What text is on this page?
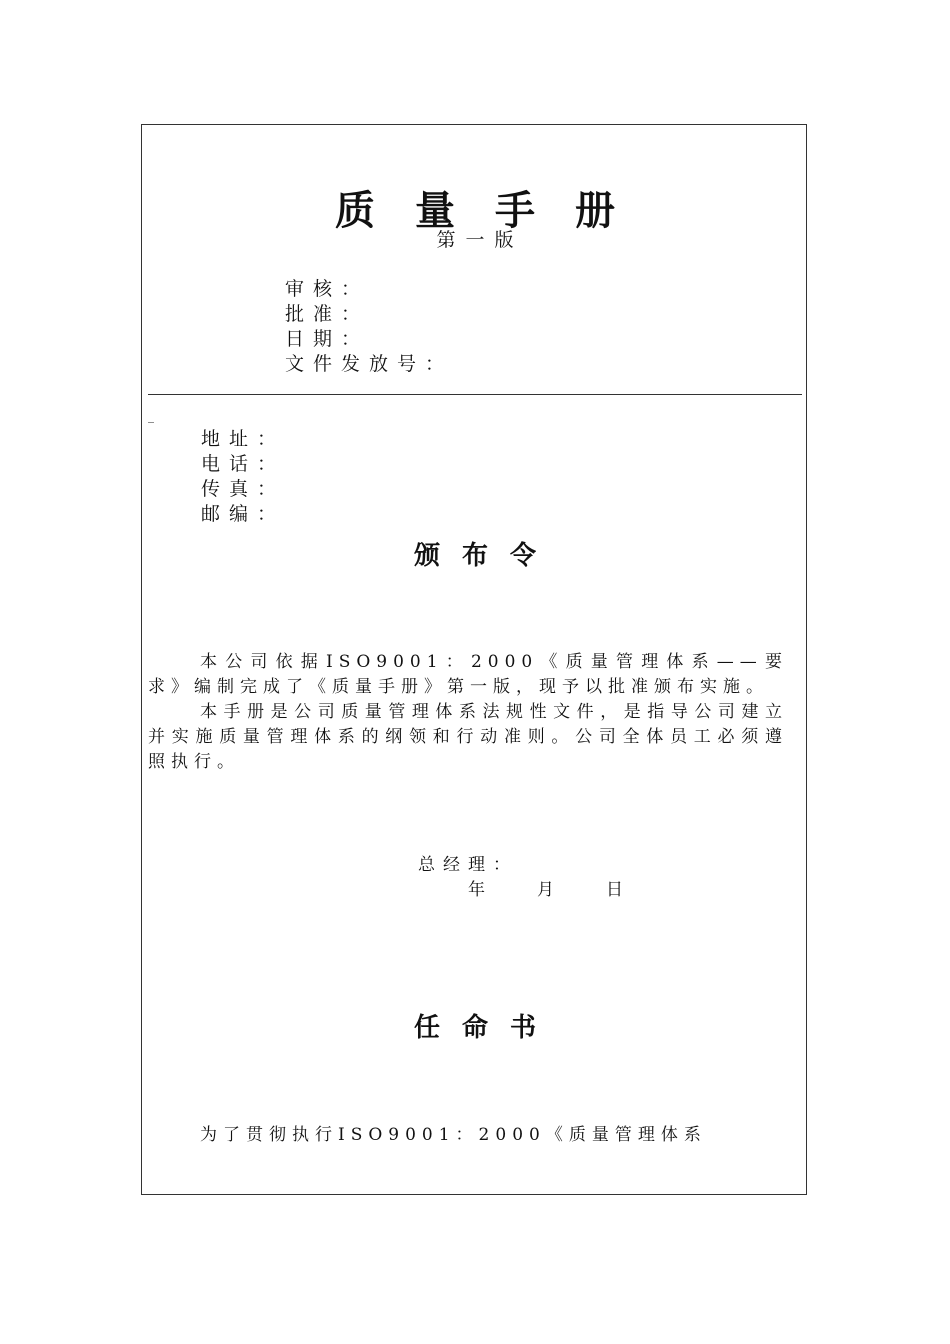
质量手册
第一版
审核：
批准：
日期：
文件发放号：
_
地址：
电话：
传真：
邮编：
颁布令

本公司依据ISO9001：2000《质量管理体系——要求》编制完成了《质量手册》第一版，现予以批准颁布实施。

本手册是公司质量管理体系法规性文件，是指导公司建立并实施质量管理体系的纲领和行动准则。公司全体员工必须遵照执行。

总经理：
年　　月　　日
任命书

为了贯彻执行ISO9001：2000《质量管理体系
